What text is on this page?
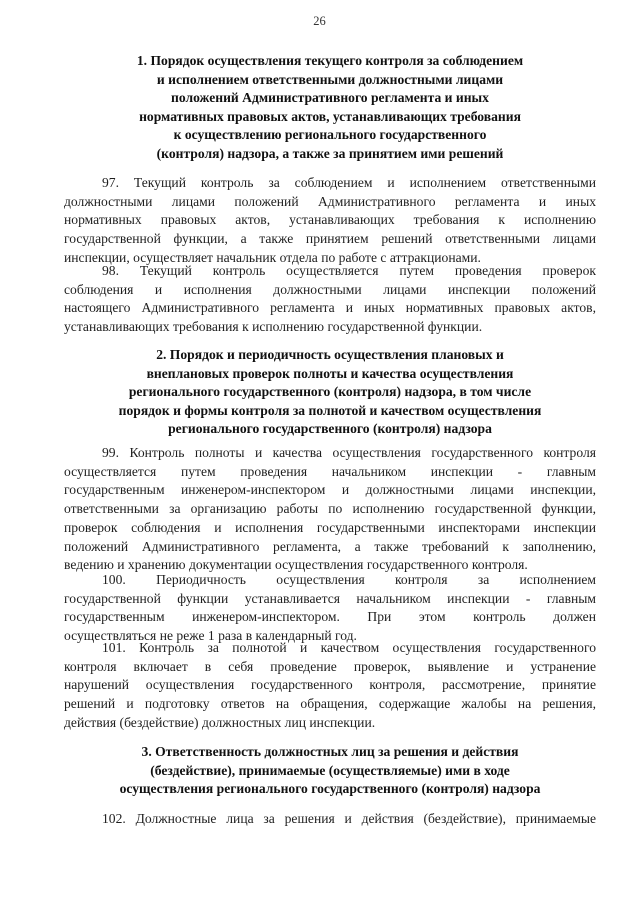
26
1. Порядок осуществления текущего контроля за соблюдением
и исполнением ответственными должностными лицами
положений Административного регламента и иных
нормативных правовых актов, устанавливающих требования
к осуществлению регионального государственного
(контроля) надзора, а также за принятием ими решений
97. Текущий контроль за соблюдением и исполнением ответственными
должностными лицами положений Административного регламента и иных
нормативных правовых актов, устанавливающих требования к исполнению
государственной функции, а также принятием решений ответственными лицами
инспекции, осуществляет начальник отдела по работе с аттракционами.
98. Текущий контроль осуществляется путем проведения проверок
соблюдения и исполнения должностными лицами инспекции положений
настоящего Административного регламента и иных нормативных правовых актов,
устанавливающих требования к исполнению государственной функции.
2. Порядок и периодичность осуществления плановых и
внеплановых проверок полноты и качества осуществления
регионального государственного (контроля) надзора, в том числе
порядок и формы контроля за полнотой и качеством осуществления
регионального государственного (контроля) надзора
99. Контроль полноты и качества осуществления государственного контроля
осуществляется путем проведения начальником инспекции - главным
государственным инженером-инспектором и должностными лицами инспекции,
ответственными за организацию работы по исполнению государственной функции,
проверок соблюдения и исполнения государственными инспекторами инспекции
положений Административного регламента, а также требований к заполнению,
ведению и хранению документации осуществления государственного контроля.
100. Периодичность осуществления контроля за исполнением
государственной функции устанавливается начальником инспекции - главным
государственным инженером-инспектором. При этом контроль должен
осуществляться не реже 1 раза в календарный год.
101. Контроль за полнотой и качеством осуществления государственного
контроля включает в себя проведение проверок, выявление и устранение
нарушений осуществления государственного контроля, рассмотрение, принятие
решений и подготовку ответов на обращения, содержащие жалобы на решения,
действия (бездействие) должностных лиц инспекции.
3. Ответственность должностных лиц за решения и действия
(бездействие), принимаемые (осуществляемые) ими в ходе
осуществления регионального государственного (контроля) надзора
102. Должностные лица за решения и действия (бездействие), принимаемые
